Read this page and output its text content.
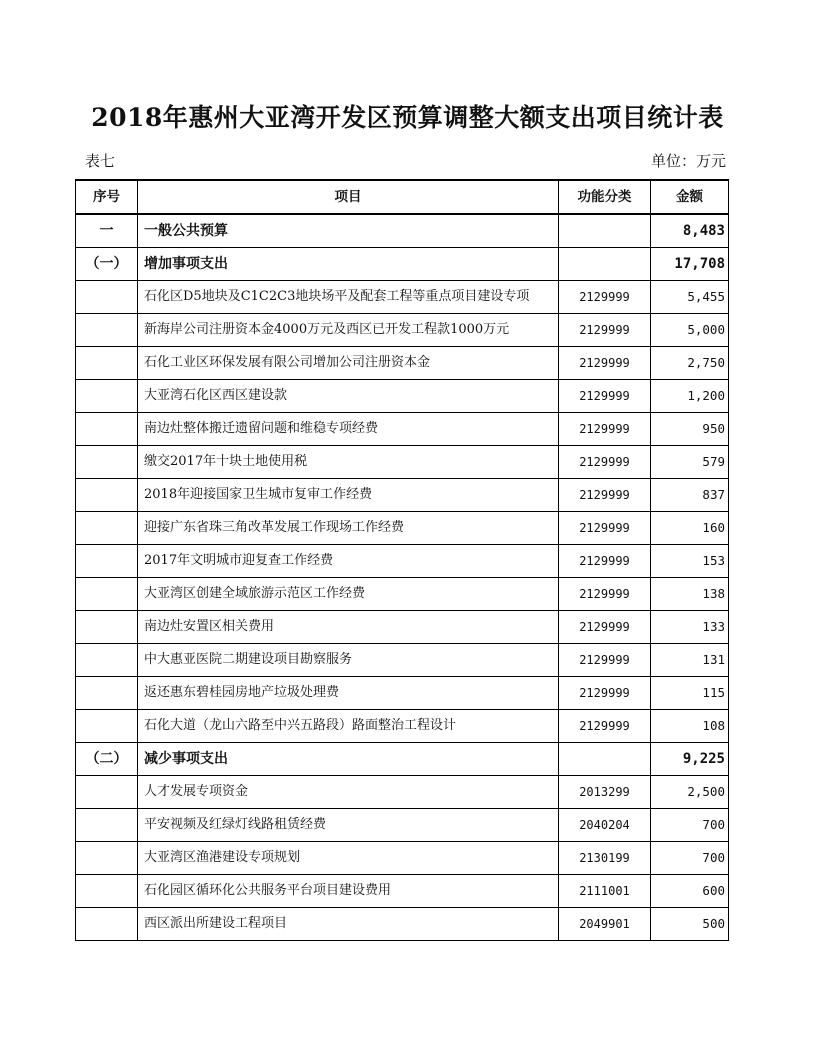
2018年惠州大亚湾开发区预算调整大额支出项目统计表
表七	单位：万元
序号	项目	功能分类	金额
一	一般公共预算		8,483
（一）	增加事项支出		17,708
	石化区D5地块及C1C2C3地块场平及配套工程等重点项目建设专项	2129999	5,455
	新海岸公司注册资本金4000万元及西区已开发工程款1000万元	2129999	5,000
	石化工业区环保发展有限公司增加公司注册资本金	2129999	2,750
	大亚湾石化区西区建设款	2129999	1,200
	南边灶整体搬迁遗留问题和维稳专项经费	2129999	950
	缴交2017年十块土地使用税	2129999	579
	2018年迎接国家卫生城市复审工作经费	2129999	837
	迎接广东省珠三角改革发展工作现场工作经费	2129999	160
	2017年文明城市迎复查工作经费	2129999	153
	大亚湾区创建全域旅游示范区工作经费	2129999	138
	南边灶安置区相关费用	2129999	133
	中大惠亚医院二期建设项目勘察服务	2129999	131
	返还惠东碧桂园房地产垃圾处理费	2129999	115
	石化大道（龙山六路至中兴五路段）路面整治工程设计	2129999	108
（二）	减少事项支出		9,225
	人才发展专项资金	2013299	2,500
	平安视频及红绿灯线路租赁经费	2040204	700
	大亚湾区渔港建设专项规划	2130199	700
	石化园区循环化公共服务平台项目建设费用	2111001	600
	西区派出所建设工程项目	2049901	500
